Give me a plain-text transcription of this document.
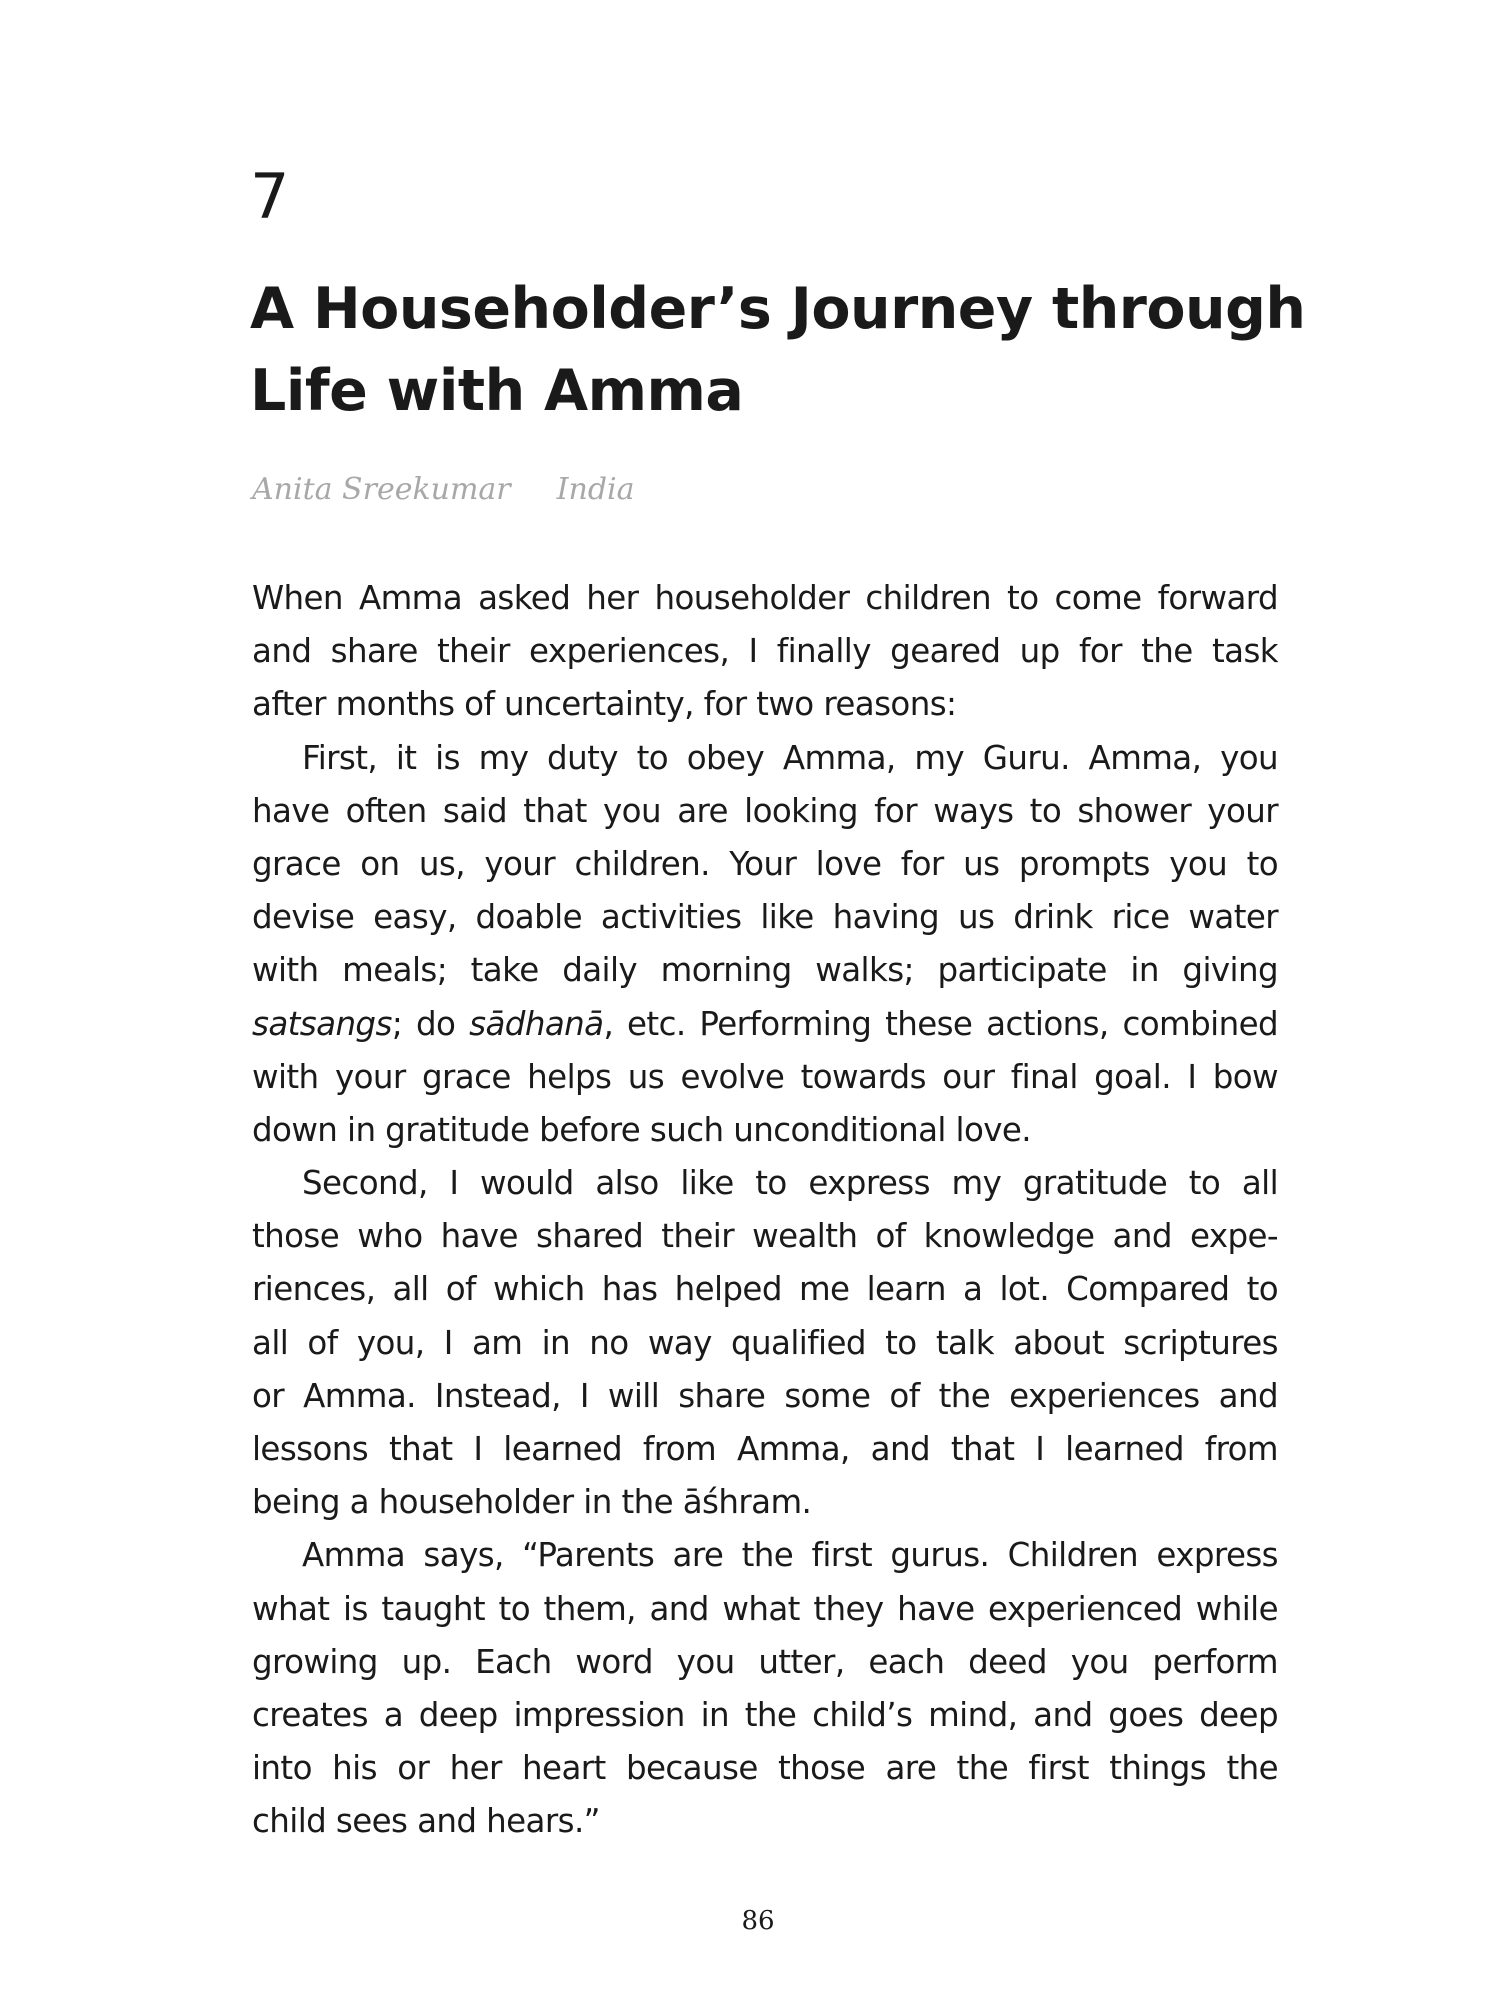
7
A Householder’s Journey through
Life with Amma
Anita Sreekumar India
When Amma asked her householder children to come forward
and share their experiences, I finally geared up for the task
after months of uncertainty, for two reasons:
First, it is my duty to obey Amma, my Guru. Amma, you
have often said that you are looking for ways to shower your
grace on us, your children. Your love for us prompts you to
devise easy, doable activities like having us drink rice water
with meals; take daily morning walks; participate in giving
satsangs; do sādhanā, etc. Performing these actions, combined
with your grace helps us evolve towards our final goal. I bow
down in gratitude before such unconditional love.
Second, I would also like to express my gratitude to all
those who have shared their wealth of knowledge and expe-
riences, all of which has helped me learn a lot. Compared to
all of you, I am in no way qualified to talk about scriptures
or Amma. Instead, I will share some of the experiences and
lessons that I learned from Amma, and that I learned from
being a householder in the āśhram.
Amma says, “Parents are the first gurus. Children express
what is taught to them, and what they have experienced while
growing up. Each word you utter, each deed you perform
creates a deep impression in the child’s mind, and goes deep
into his or her heart because those are the first things the
child sees and hears.”
86
